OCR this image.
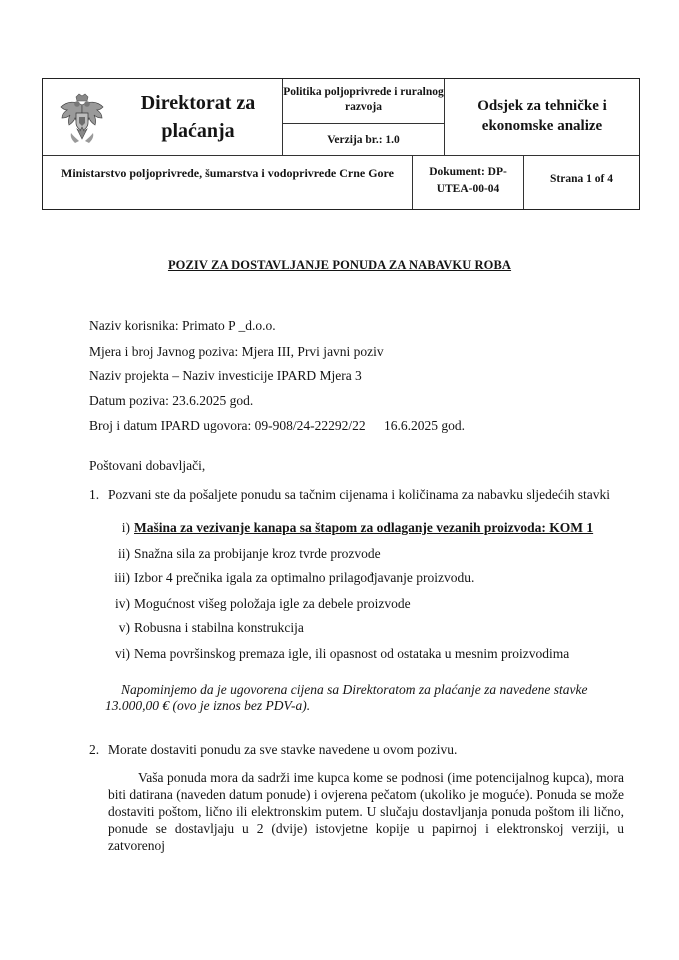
Direktorat za plaćanja
Politika poljoprivrede i ruralnog razvoja
Verzija br.: 1.0
Odsjek za tehničke i ekonomske analize
Ministarstvo poljoprivrede, šumarstva i vodoprivrede Crne Gore	Dokument: DP-UTEA-00-04
Strana 1 of 4
POZIV ZA DOSTAVLJANJE PONUDA ZA NABAVKU ROBA
Naziv korisnika: Primato P _d.o.o.
Mjera i broj Javnog poziva: Mjera III, Prvi javni poziv
Naziv projekta – Naziv investicije IPARD Mjera 3
Datum poziva: 23.6.2025 god.
Broj i datum IPARD ugovora: 09-908/24-22292/22 16.6.2025 god.
Poštovani dobavljači,
1. Pozvani ste da pošaljete ponudu sa tačnim cijenama i količinama za nabavku sljedećih stavki
i) Mašina za vezivanje kanapa sa štapom za odlaganje vezanih proizvoda: KOM 1
ii) Snažna sila za probijanje kroz tvrde prozvode
iii) Izbor 4 prečnika igala za optimalno prilagođjavanje proizvodu.
iv) Mogućnost višeg položaja igle za debele proizvode
v) Robusna i stabilna konstrukcija
vi) Nema površinskog premaza igle, ili opasnost od ostataka u mesnim proizvodima
Napominjemo da je ugovorena cijena sa Direktoratom za plaćanje za navedene stavke
13.000,00 € (ovo je iznos bez PDV-a).
2. Morate dostaviti ponudu za sve stavke navedene u ovom pozivu.
Vaša ponuda mora da sadrži ime kupca kome se podnosi (ime potencijalnog kupca), mora biti datirana (naveden datum ponude) i ovjerena pečatom (ukoliko je moguće). Ponuda se može dostaviti poštom, lično ili elektronskim putem. U slučaju dostavljanja ponuda poštom ili lično, ponude se dostavljaju u 2 (dvije) istovjetne kopije u papirnoj i elektronskoj verziji, u zatvorenoj
